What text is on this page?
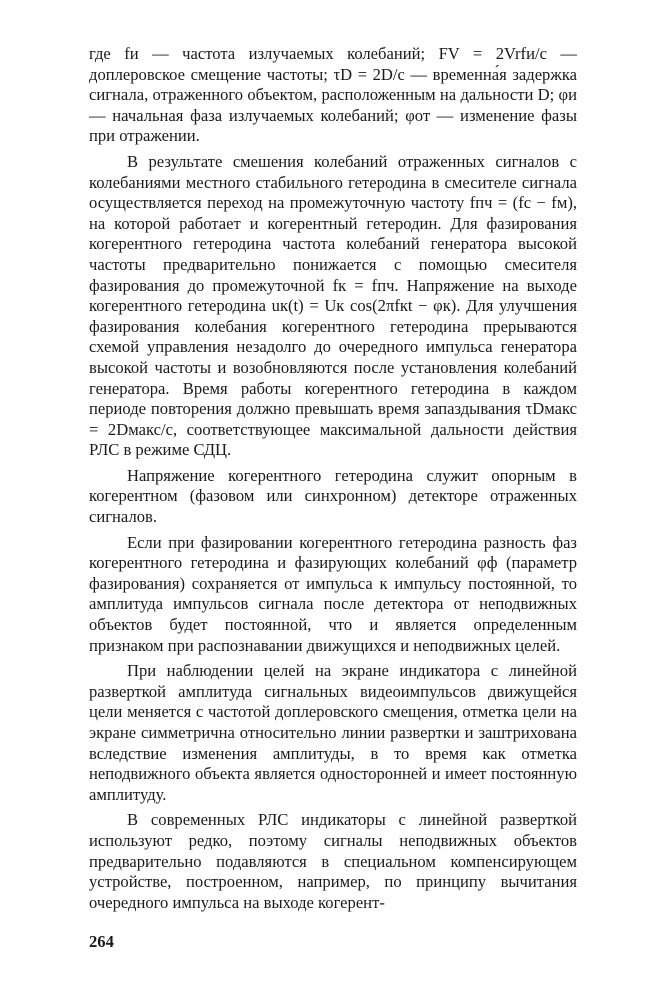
где fи — частота излучаемых колебаний; FV = 2Vrfи/c — доплеровское смещение частоты; τD = 2D/c — временна́я задержка сигнала, отраженного объектом, расположенным на дальности D; φи — начальная фаза излучаемых колебаний; φот — изменение фазы при отражении.

В результате смешения колебаний отраженных сигналов с колебаниями местного стабильного гетеродина в смесителе сигнала осуществляется переход на промежуточную частоту fпч = (fс − fм), на которой работает и когерентный гетеродин. Для фазирования когерентного гетеродина частота колебаний генератора высокой частоты предварительно понижается с помощью смесителя фазирования до промежуточной fк = fпч. Напряжение на выходе когерентного гетеродина uк(t) = Uк cos(2πfкt − φк). Для улучшения фазирования колебания когерентного гетеродина прерываются схемой управления незадолго до очередного импульса генератора высокой частоты и возобновляются после установления колебаний генератора. Время работы когерентного гетеродина в каждом периоде повторения должно превышать время запаздывания τDмакс = 2Dмакс/c, соответствующее максимальной дальности действия РЛС в режиме СДЦ.

Напряжение когерентного гетеродина служит опорным в когерентном (фазовом или синхронном) детекторе отраженных сигналов.

Если при фазировании когерентного гетеродина разность фаз когерентного гетеродина и фазирующих колебаний φф (параметр фазирования) сохраняется от импульса к импульсу постоянной, то амплитуда импульсов сигнала после детектора от неподвижных объектов будет постоянной, что и является определенным признаком при распознавании движущихся и неподвижных целей.

При наблюдении целей на экране индикатора с линейной разверткой амплитуда сигнальных видеоимпульсов движущейся цели меняется с частотой доплеровского смещения, отметка цели на экране симметрична относительно линии развертки и заштрихована вследствие изменения амплитуды, в то время как отметка неподвижного объекта является односторонней и имеет постоянную амплитуду.

В современных РЛС индикаторы с линейной разверткой используют редко, поэтому сигналы неподвижных объектов предварительно подавляются в специальном компенсирующем устройстве, построенном, например, по принципу вычитания очередного импульса на выходе когерент-

264
